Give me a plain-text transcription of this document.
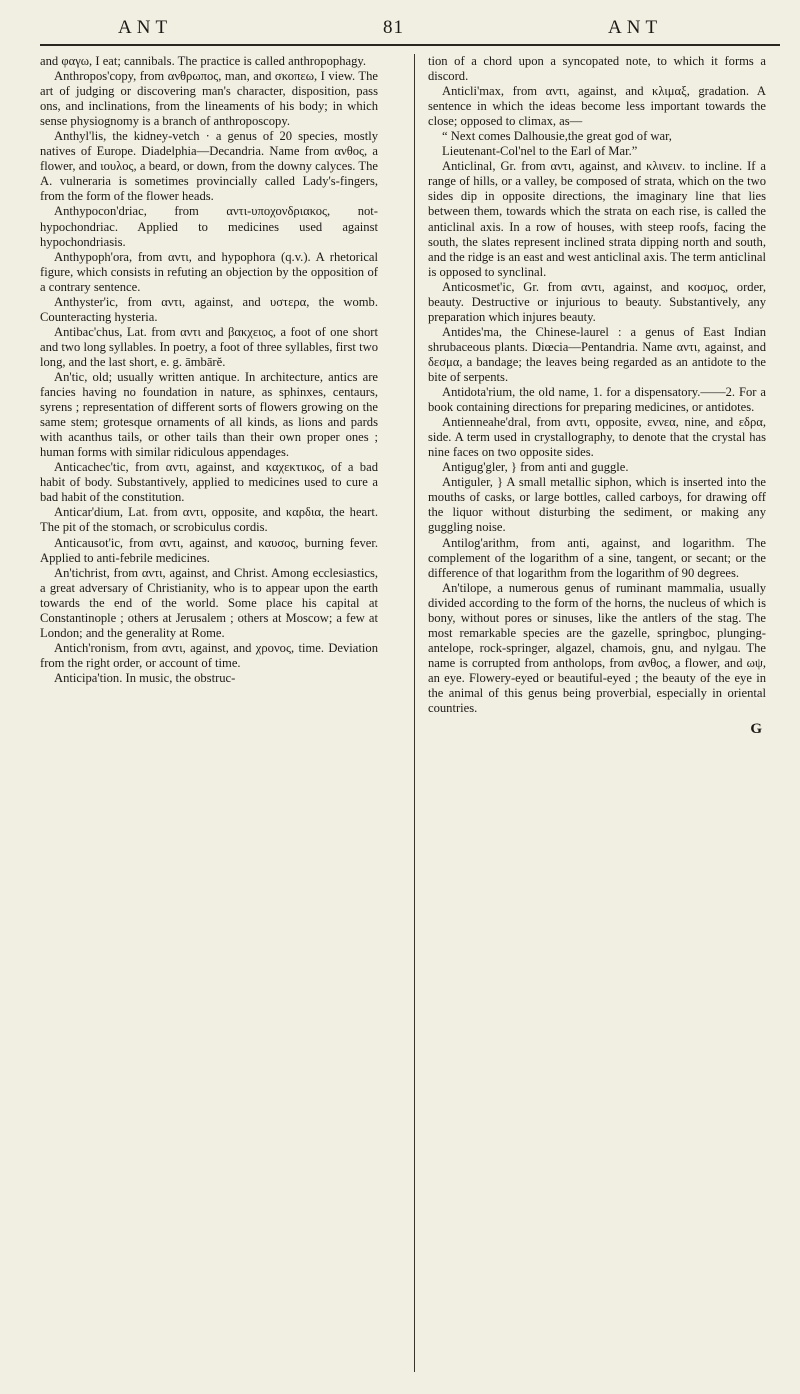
ANT	81	ANT

and φαγω, I eat; cannibals. The practice is called anthropophagy.

Anthropos'copy, from ανθρωπος, man, and σκοπεω, I view. The art of judging or discovering man's character, disposition, pass ons, and inclinations, from the lineaments of his body; in which sense physiognomy is a branch of anthroposcopy.

Anthyl'lis, the kidney-vetch · a genus of 20 species, mostly natives of Europe. Diadelphia—Decandria. Name from ανθος, a flower, and ιουλος, a beard, or down, from the downy calyces. The A. vulneraria is sometimes provincially called Lady's-fingers, from the form of the flower heads.

Anthypocon'driac, from αντι-υποχονδριακος, not-hypochondriac. Applied to medicines used against hypochondriasis.

Anthypoph'ora, from αντι, and hypophora (q.v.). A rhetorical figure, which consists in refuting an objection by the opposition of a contrary sentence.

Anthyster'ic, from αντι, against, and υστερα, the womb. Counteracting hysteria.

Antibac'chus, Lat. from αντι and βακχειος, a foot of one short and two long syllables. In poetry, a foot of three syllables, first two long, and the last short, e. g. āmbārĕ.

An'tic, old; usually written antique. In architecture, antics are fancies having no foundation in nature, as sphinxes, centaurs, syrens ; representation of different sorts of flowers growing on the same stem; grotesque ornaments of all kinds, as lions and pards with acanthus tails, or other tails than their own proper ones ; human forms with similar ridiculous appendages.

Anticachec'tic, from αντι, against, and καχεκτικος, of a bad habit of body. Substantively, applied to medicines used to cure a bad habit of the constitution.

Anticar'dium, Lat. from αντι, opposite, and καρδια, the heart. The pit of the stomach, or scrobiculus cordis.

Anticausot'ic, from αντι, against, and καυσος, burning fever. Applied to anti-febrile medicines.

An'tichrist, from αντι, against, and Christ. Among ecclesiastics, a great adversary of Christianity, who is to appear upon the earth towards the end of the world. Some place his capital at Constantinople ; others at Jerusalem ; others at Moscow; a few at London; and the generality at Rome.

Antich'ronism, from αντι, against, and χρονος, time. Deviation from the right order, or account of time.

Anticipa'tion. In music, the obstruc-

tion of a chord upon a syncopated note, to which it forms a discord.

Anticli'max, from αντι, against, and κλιμαξ, gradation. A sentence in which the ideas become less important towards the close; opposed to climax, as—

“ Next comes Dalhousie,the great god of war,

Lieutenant-Col'nel to the Earl of Mar.”

Anticlinal, Gr. from αντι, against, and κλινειν. to incline. If a range of hills, or a valley, be composed of strata, which on the two sides dip in opposite directions, the imaginary line that lies between them, towards which the strata on each rise, is called the anticlinal axis. In a row of houses, with steep roofs, facing the south, the slates represent inclined strata dipping north and south, and the ridge is an east and west anticlinal axis. The term anticlinal is opposed to synclinal.

Anticosmet'ic, Gr. from αντι, against, and κοσμος, order, beauty. Destructive or injurious to beauty. Substantively, any preparation which injures beauty.

Antides'ma, the Chinese-laurel : a genus of East Indian shrubaceous plants. Diœcia—Pentandria. Name αντι, against, and δεσμα, a bandage; the leaves being regarded as an antidote to the bite of serpents.

Antidota'rium, the old name, 1. for a dispensatory.——2. For a book containing directions for preparing medicines, or antidotes.

Antienneahe'dral, from αντι, opposite, εννεα, nine, and εδρα, side. A term used in crystallography, to denote that the crystal has nine faces on two opposite sides.

Antigug'gler, } from anti and guggle.

Antiguler, } A small metallic siphon, which is inserted into the mouths of casks, or large bottles, called carboys, for drawing off the liquor without disturbing the sediment, or making any guggling noise.

Antilog'arithm, from anti, against, and logarithm. The complement of the logarithm of a sine, tangent, or secant; or the difference of that logarithm from the logarithm of 90 degrees.

An'tilope, a numerous genus of ruminant mammalia, usually divided according to the form of the horns, the nucleus of which is bony, without pores or sinuses, like the antlers of the stag. The most remarkable species are the gazelle, springboc, plunging-antelope, rock-springer, algazel, chamois, gnu, and nylgau. The name is corrupted from antholops, from ανθος, a flower, and ωψ, an eye. Flowery-eyed or beautiful-eyed ; the beauty of the eye in the animal of this genus being proverbial, especially in oriental countries.

G
